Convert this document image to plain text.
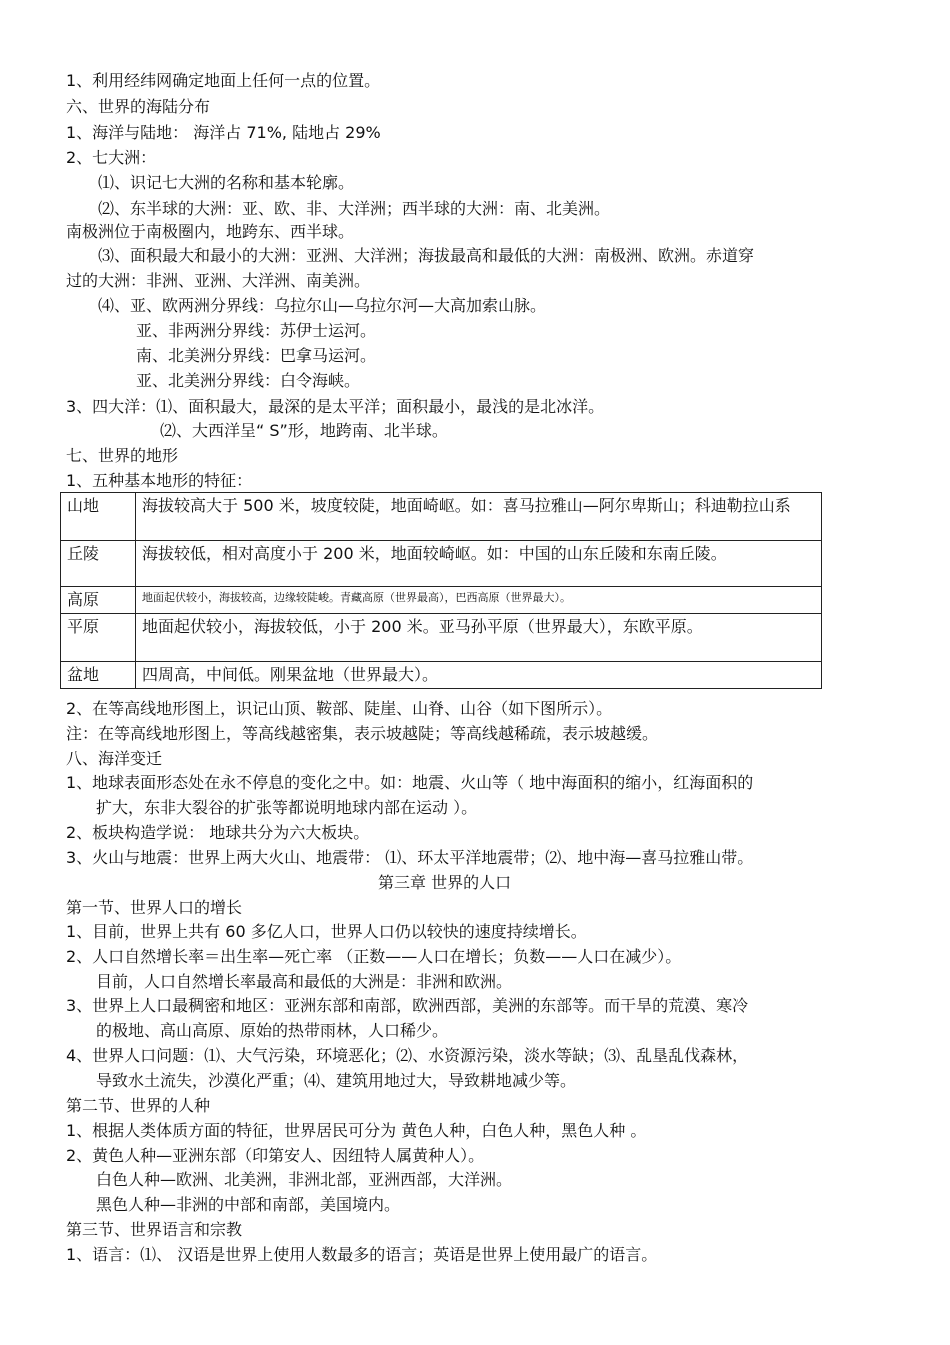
1、利用经纬网确定地面上任何一点的位置。
六、世界的海陆分布
1、海洋与陆地： 海洋占 71%, 陆地占 29%
2、七大洲：
⑴、识记七大洲的名称和基本轮廓。
⑵、东半球的大洲：亚、欧、非、大洋洲；西半球的大洲：南、北美洲。
南极洲位于南极圈内，地跨东、西半球。
⑶、面积最大和最小的大洲：亚洲、大洋洲；海拔最高和最低的大洲：南极洲、欧洲。赤道穿
过的大洲：非洲、亚洲、大洋洲、南美洲。
⑷、亚、欧两洲分界线：乌拉尔山—乌拉尔河—大高加索山脉。
亚、非两洲分界线：苏伊士运河。
南、北美洲分界线：巴拿马运河。
亚、北美洲分界线：白令海峡。
3、四大洋：⑴、面积最大，最深的是太平洋；面积最小，最浅的是北冰洋。
⑵、大西洋呈“ S”形，地跨南、北半球。
七、世界的地形
1、五种基本地形的特征：
山地	海拔较高大于 500 米，坡度较陡，地面崎岖。如：喜马拉雅山—阿尔卑斯山；科迪勒拉山系
丘陵	海拔较低，相对高度小于 200 米，地面较崎岖。如：中国的山东丘陵和东南丘陵。
高原	地面起伏较小，海拔较高，边缘较陡峻。青藏高原（世界最高），巴西高原（世界最大）。
平原	地面起伏较小，海拔较低，小于 200 米。亚马孙平原（世界最大），东欧平原。
盆地	四周高，中间低。刚果盆地（世界最大）。
2、在等高线地形图上，识记山顶、鞍部、陡崖、山脊、山谷（如下图所示）。
注：在等高线地形图上，等高线越密集，表示坡越陡；等高线越稀疏，表示坡越缓。
八、海洋变迁
1、地球表面形态处在永不停息的变化之中。如：地震、火山等（ 地中海面积的缩小，红海面积的
扩大，东非大裂谷的扩张等都说明地球内部在运动 ）。
2、板块构造学说： 地球共分为六大板块。
3、火山与地震：世界上两大火山、地震带： ⑴、环太平洋地震带；⑵、地中海—喜马拉雅山带。
第三章 世界的人口
第一节、世界人口的增长
1、目前，世界上共有 60 多亿人口，世界人口仍以较快的速度持续增长。
2、人口自然增长率＝出生率—死亡率 （正数——人口在增长；负数——人口在减少）。
目前，人口自然增长率最高和最低的大洲是：非洲和欧洲。
3、世界上人口最稠密和地区：亚洲东部和南部，欧洲西部，美洲的东部等。而干旱的荒漠、寒冷
的极地、高山高原、原始的热带雨林，人口稀少。
4、世界人口问题：⑴、大气污染，环境恶化；⑵、水资源污染，淡水等缺；⑶、乱垦乱伐森林，
导致水土流失，沙漠化严重；⑷、建筑用地过大，导致耕地减少等。
第二节、世界的人种
1、根据人类体质方面的特征，世界居民可分为 黄色人种，白色人种，黑色人种 。
2、黄色人种—亚洲东部（印第安人、因纽特人属黄种人）。
白色人种—欧洲、北美洲，非洲北部，亚洲西部，大洋洲。
黑色人种—非洲的中部和南部，美国境内。
第三节、世界语言和宗教
1、语言：⑴、 汉语是世界上使用人数最多的语言；英语是世界上使用最广的语言。
